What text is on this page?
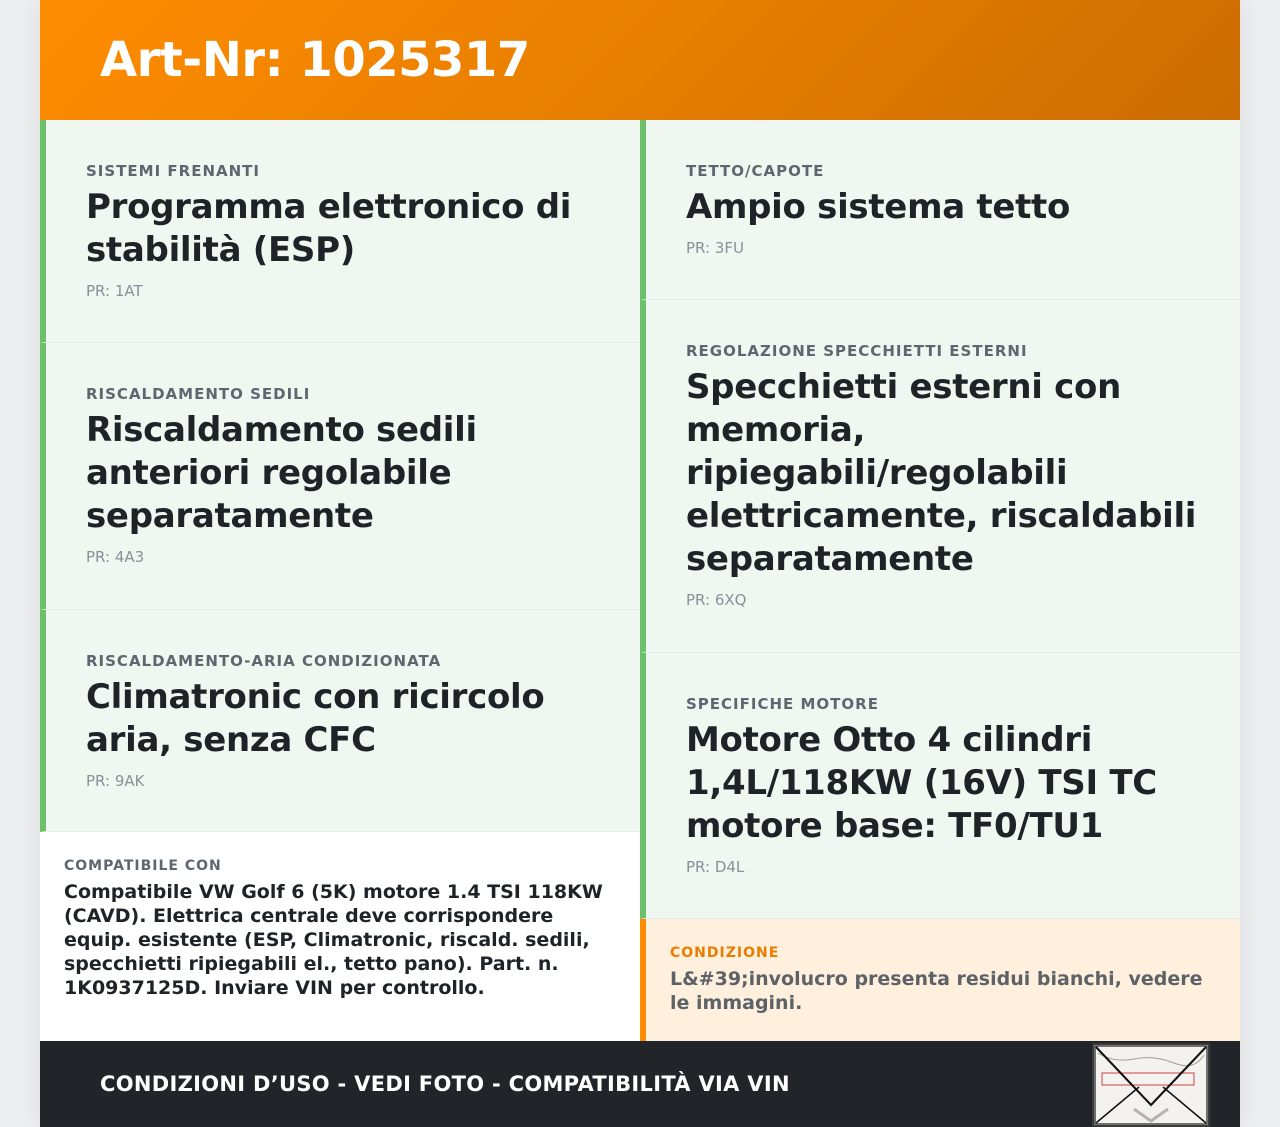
Art-Nr: 1025317
SISTEMI FRENANTI
Programma elettronico di stabilità (ESP)
PR: 1AT
RISCALDAMENTO SEDILI
Riscaldamento sedili anteriori regolabile separatamente
PR: 4A3
RISCALDAMENTO-ARIA CONDIZIONATA
Climatronic con ricircolo aria, senza CFC
PR: 9AK
COMPATIBILE CON
Compatibile VW Golf 6 (5K) motore 1.4 TSI 118KW (CAVD). Elettrica centrale deve corrispondere equip. esistente (ESP, Climatronic, riscald. sedili, specchietti ripiegabili el., tetto pano). Part. n. 1K0937125D. Inviare VIN per controllo.
TETTO/CAPOTE
Ampio sistema tetto
PR: 3FU
REGOLAZIONE SPECCHIETTI ESTERNI
Specchietti esterni con memoria, ripiegabili/regolabili elettricamente, riscaldabili separatamente
PR: 6XQ
SPECIFICHE MOTORE
Motore Otto 4 cilindri 1,4L/118KW (16V) TSI TC motore base: TF0/TU1
PR: D4L
CONDIZIONE
L&#39;involucro presenta residui bianchi, vedere le immagini.
CONDIZIONI D’USO - VEDI FOTO - COMPATIBILITÀ VIA VIN
